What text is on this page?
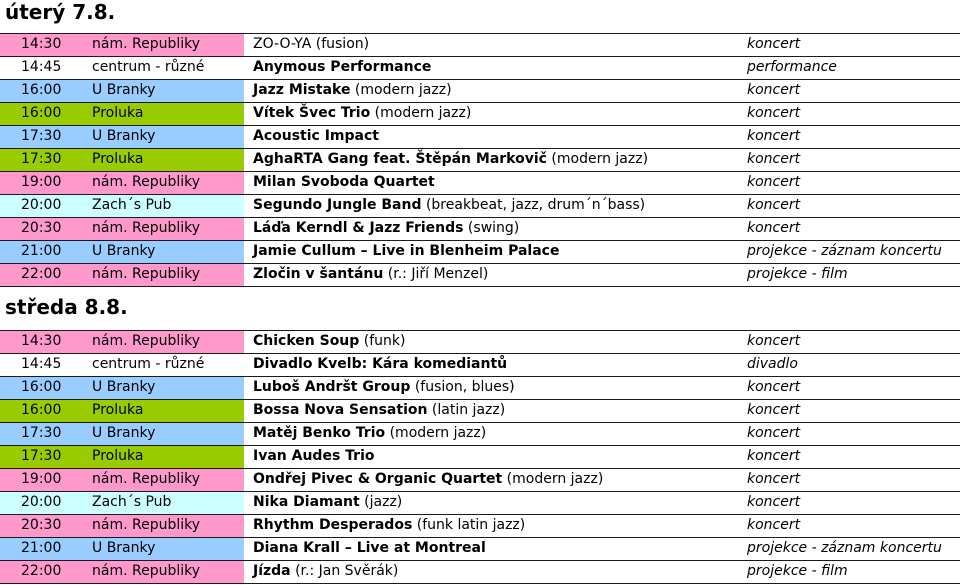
úterý 7.8.
14:30	nám. Republiky	ZO-O-YA (fusion)	koncert
14:45	centrum - různé	Anymous Performance	performance
16:00	U Branky	Jazz Mistake (modern jazz)	koncert
16:00	Proluka	Vítek Švec Trio (modern jazz)	koncert
17:30	U Branky	Acoustic Impact	koncert
17:30	Proluka	AghaRTA Gang feat. Štěpán Markovič (modern jazz)	koncert
19:00	nám. Republiky	Milan Svoboda Quartet	koncert
20:00	Zach´s Pub	Segundo Jungle Band (breakbeat, jazz, drum´n´bass)	koncert
20:30	nám. Republiky	Láďa Kerndl & Jazz Friends (swing)	koncert
21:00	U Branky	Jamie Cullum – Live in Blenheim Palace	projekce - záznam koncertu
22:00	nám. Republiky	Zločin v šantánu (r.: Jiří Menzel)	projekce - film
středa 8.8.
14:30	nám. Republiky	Chicken Soup (funk)	koncert
14:45	centrum - různé	Divadlo Kvelb: Kára komediantů	divadlo
16:00	U Branky	Luboš Andršt Group (fusion, blues)	koncert
16:00	Proluka	Bossa Nova Sensation (latin jazz)	koncert
17:30	U Branky	Matěj Benko Trio (modern jazz)	koncert
17:30	Proluka	Ivan Audes Trio	koncert
19:00	nám. Republiky	Ondřej Pivec & Organic Quartet (modern jazz)	koncert
20:00	Zach´s Pub	Nika Diamant (jazz)	koncert
20:30	nám. Republiky	Rhythm Desperados (funk latin jazz)	koncert
21:00	U Branky	Diana Krall – Live at Montreal	projekce - záznam koncertu
22:00	nám. Republiky	Jízda (r.: Jan Svěrák)	projekce - film
